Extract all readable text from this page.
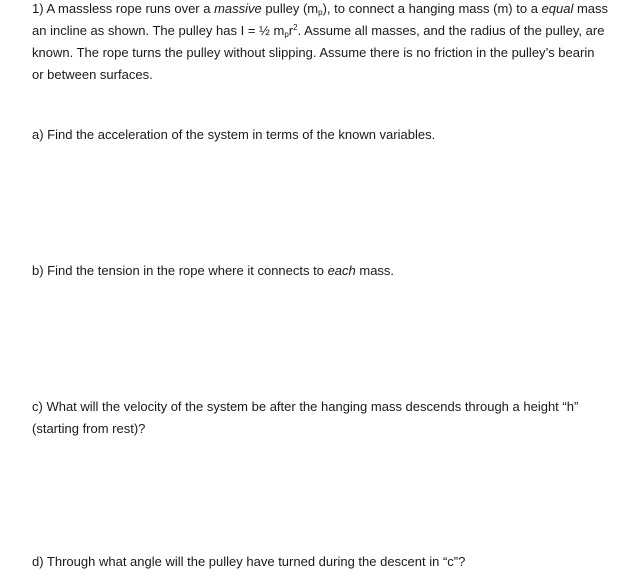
1) A massless rope runs over a massive pulley $(m_p)$, to connect a hanging mass (m) to a equal mass
an incline as shown. The pulley has I = ½ $m_pr^2$. Assume all masses, and the radius of the pulley, are
known. The rope turns the pulley without slipping. Assume there is no friction in the pulley’s bearin
or between surfaces.
a) Find the acceleration of the system in terms of the known variables.
b) Find the tension in the rope where it connects to each mass.
c) What will the velocity of the system be after the hanging mass descends through a height “h”
(starting from rest)?
d) Through what angle will the pulley have turned during the descent in “c”?
